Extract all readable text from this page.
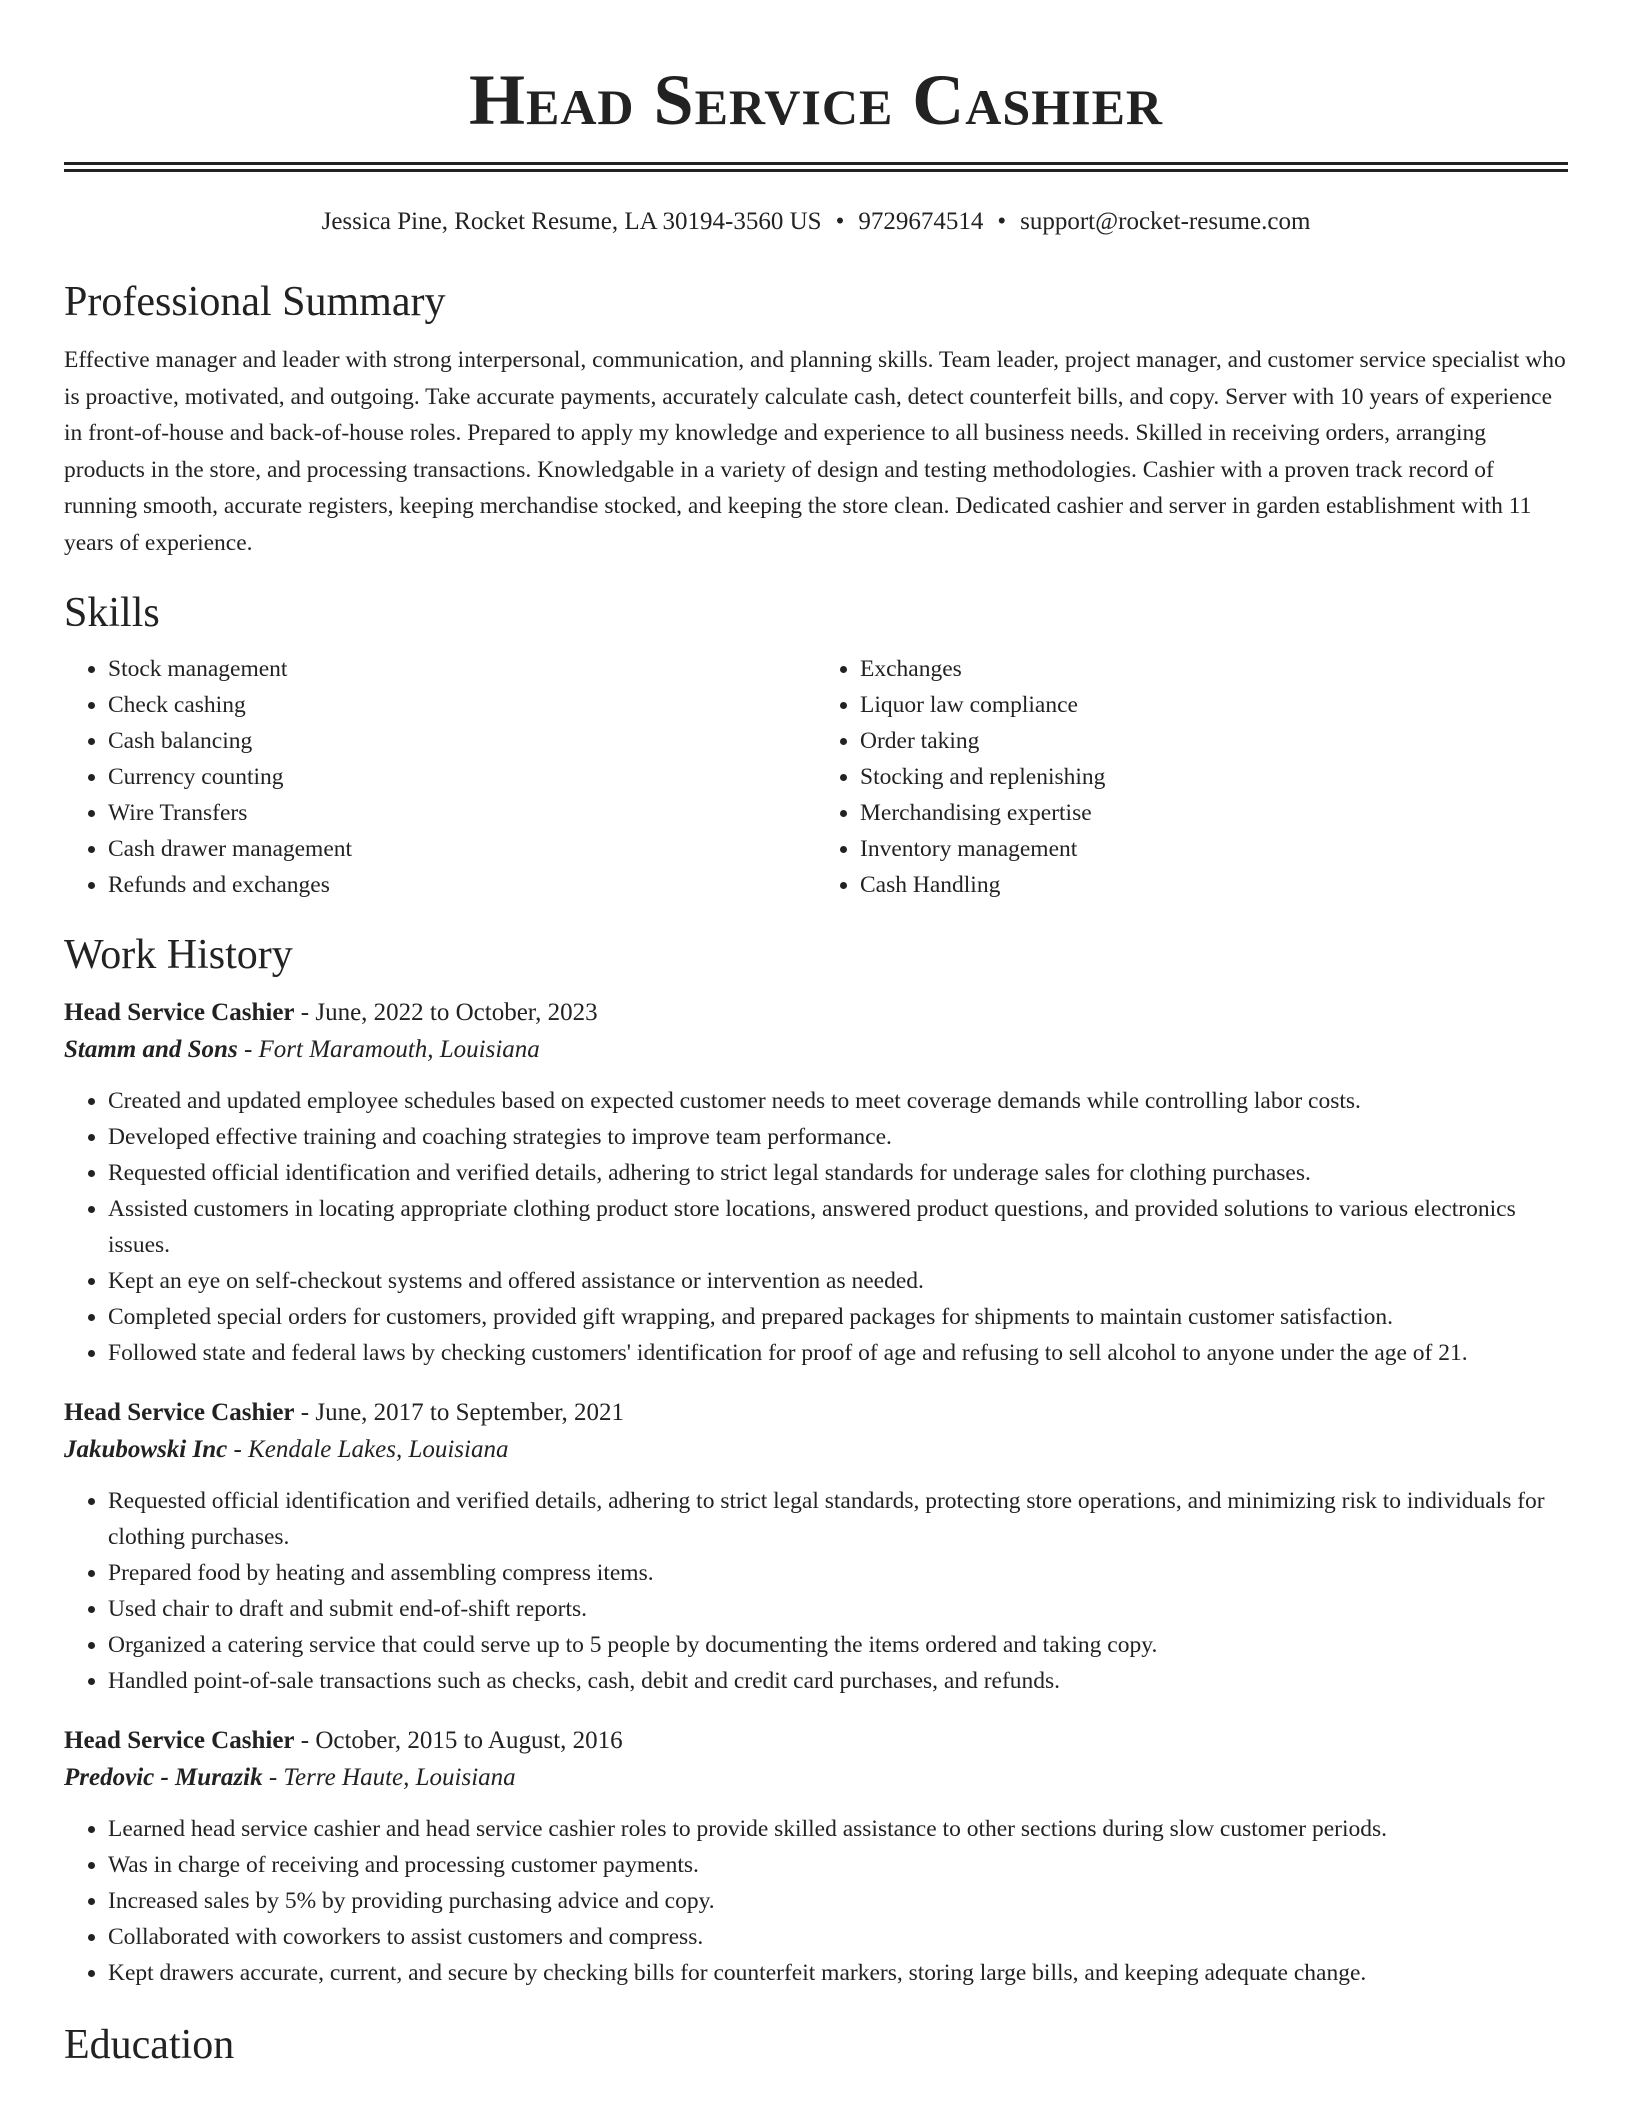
Head Service Cashier
Jessica Pine, Rocket Resume, LA 30194-3560 US • 9729674514 • support@rocket-resume.com
Professional Summary

Effective manager and leader with strong interpersonal, communication, and planning skills. Team leader, project manager, and customer service specialist who is proactive, motivated, and outgoing. Take accurate payments, accurately calculate cash, detect counterfeit bills, and copy. Server with 10 years of experience in front-of-house and back-of-house roles. Prepared to apply my knowledge and experience to all business needs. Skilled in receiving orders, arranging products in the store, and processing transactions. Knowledgable in a variety of design and testing methodologies. Cashier with a proven track record of running smooth, accurate registers, keeping merchandise stocked, and keeping the store clean. Dedicated cashier and server in garden establishment with 11 years of experience.

Skills
• Stock management
• Check cashing
• Cash balancing
• Currency counting
• Wire Transfers
• Cash drawer management
• Refunds and exchanges
• Exchanges
• Liquor law compliance
• Order taking
• Stocking and replenishing
• Merchandising expertise
• Inventory management
• Cash Handling
Work History
Head Service Cashier - June, 2022 to October, 2023
Stamm and Sons - Fort Maramouth, Louisiana
• Created and updated employee schedules based on expected customer needs to meet coverage demands while controlling labor costs.
• Developed effective training and coaching strategies to improve team performance.
• Requested official identification and verified details, adhering to strict legal standards for underage sales for clothing purchases.
• Assisted customers in locating appropriate clothing product store locations, answered product questions, and provided solutions to various electronics issues.
• Kept an eye on self-checkout systems and offered assistance or intervention as needed.
• Completed special orders for customers, provided gift wrapping, and prepared packages for shipments to maintain customer satisfaction.
• Followed state and federal laws by checking customers' identification for proof of age and refusing to sell alcohol to anyone under the age of 21.
Head Service Cashier - June, 2017 to September, 2021
Jakubowski Inc - Kendale Lakes, Louisiana
• Requested official identification and verified details, adhering to strict legal standards, protecting store operations, and minimizing risk to individuals for clothing purchases.
• Prepared food by heating and assembling compress items.
• Used chair to draft and submit end-of-shift reports.
• Organized a catering service that could serve up to 5 people by documenting the items ordered and taking copy.
• Handled point-of-sale transactions such as checks, cash, debit and credit card purchases, and refunds.
Head Service Cashier - October, 2015 to August, 2016
Predovic - Murazik - Terre Haute, Louisiana
• Learned head service cashier and head service cashier roles to provide skilled assistance to other sections during slow customer periods.
• Was in charge of receiving and processing customer payments.
• Increased sales by 5% by providing purchasing advice and copy.
• Collaborated with coworkers to assist customers and compress.
• Kept drawers accurate, current, and secure by checking bills for counterfeit markers, storing large bills, and keeping adequate change.
Education
